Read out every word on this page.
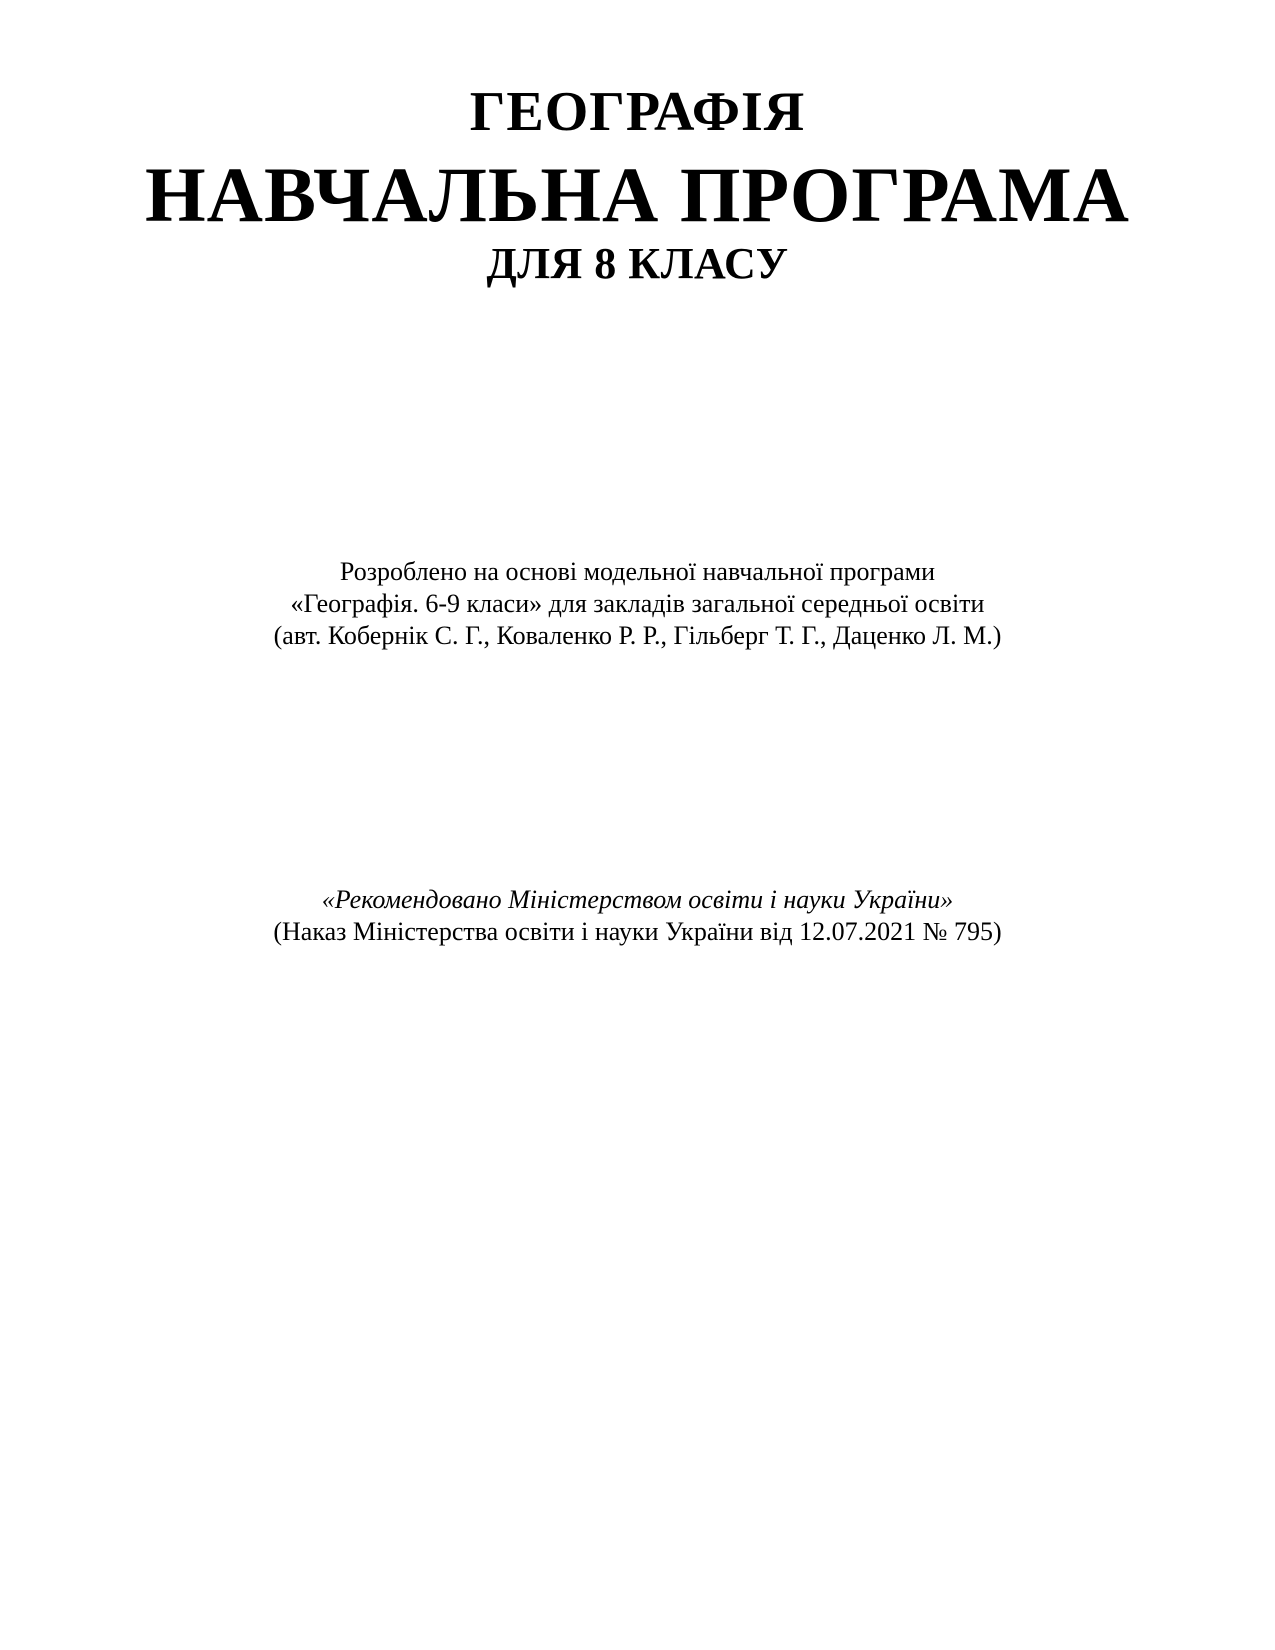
ГЕОГРАФІЯ
НАВЧАЛЬНА ПРОГРАМА
ДЛЯ 8 КЛАСУ
Розроблено на основі модельної навчальної програми
«Географія. 6-9 класи» для закладів загальної середньої освіти
(авт. Кобернік С. Г., Коваленко Р. Р., Гільберг Т. Г., Даценко Л. М.)
«Рекомендовано Міністерством освіти і науки України»
(Наказ Міністерства освіти і науки України від 12.07.2021 № 795)
